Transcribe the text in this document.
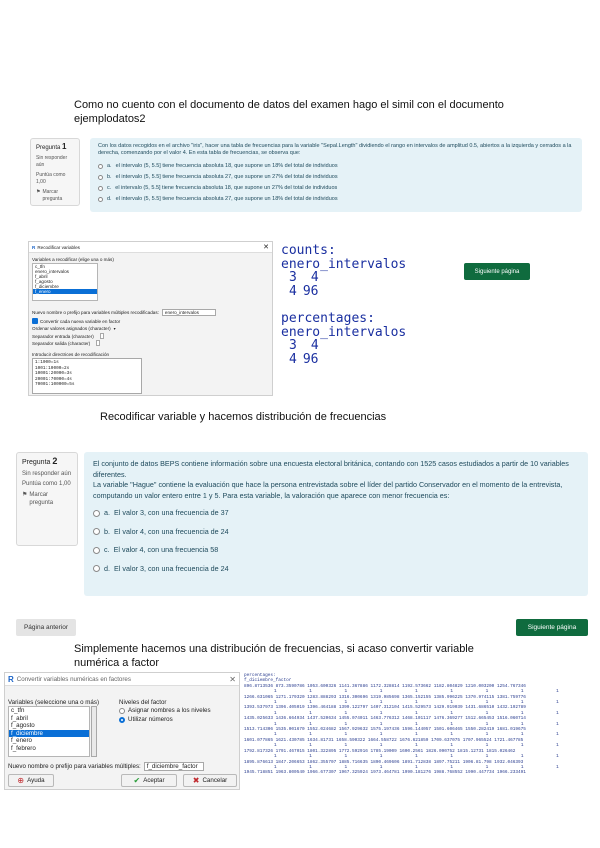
Como no cuento con el documento de datos del examen hago el simil con el documento ejemplodatos2
Pregunta 1
Sin responder aún
Puntúa como 1,00
⚑ Marcar pregunta
Con los datos recogidos en el archivo "iris", hacer una tabla de frecuencias para la variable "Sepal.Length" dividiendo el rango en intervalos de amplitud 0.5, abiertos a la izquierda y cerrados a la derecha, comenzando por el valor 4. En esta tabla de frecuencias, se observa que:
a. el intervalo (5, 5.5] tiene frecuencia absoluta 18, que supone un 18% del total de individuos
b. el intervalo (5, 5.5] tiene frecuencia absoluta 27, que supone un 27% del total de individuos
c. el intervalo (5, 5.5] tiene frecuencia absoluta 18, que supone un 27% del total de individuos
d. el intervalo (5, 5.5] tiene frecuencia absoluta 27, que supone un 18% del total de individuos
R Recodificar variables	✕
Variables a recodificar (elige una o más)
c_tfn
enero_intervalos
f_abril
f_agosto
f_diciembre
f_enero
Nuevo nombre o prefijo para variables múltiples recodificadas:	enero_intervalos
Convertir cada nueva variable en factor
Ordenar valores asignados (character) ▾
Separador entrada (character)
Separador salida (character)
Introducir directrices de recodificación
1:1000=1s
1001:10000=2s
10001:20000=3s
20001:70000=4s
70001:100000=5s
counts:
enero_intervalos
3 4
4 96
percentages:
enero_intervalos
3 4
4 96
Siguiente página
Recodificar variable y hacemos distribución de frecuencias
Pregunta 2
Sin responder aún
Puntúa como 1,00
⚑ Marcar pregunta
El conjunto de datos BEPS contiene información sobre una encuesta electoral británica, contando con 1525 casos estudiados a partir de 10 variables diferentes.
La variable "Hague" contiene la evaluación que hace la persona entrevistada sobre el líder del partido Conservador en el momento de la entrevista, computando un valor entero entre 1 y 5. Para esta variable, la valoración que aparece con menor frecuencia es:
a. El valor 3, con una frecuencia de 37
b. El valor 4, con una frecuencia de 24
c. El valor 4, con una frecuencia 58
d. El valor 3, con una frecuencia de 24
Página anterior	Siguiente página
Simplemente hacemos una distribución de frecuencias, si acaso convertir variable numérica a factor
R Convertir variables numéricas en factores	✕
Variables (seleccione una o más)
c_tfn
f_abril
f_agosto
f_diciembre
f_enero
f_febrero
Niveles del factor
Asignar nombres a los niveles
Utilizar números
Nuevo nombre o prefijo para variables múltiples: f_diciembre_factor
⊕ Ayuda	✔ Aceptar	✖ Cancelar
percentages:
f_diciembre_factor
896.8713536 873.3590786 1053.600326 1141.367886 1172.328814 1192.573662 1182.804829 1210.003200 1254.767346
1 1 1 1 1 1 1 1 1
1266.631065 1271.179320 1283.888293 1316.300696 1319.985698 1365.152155 1385.996225 1370.974115 1381.759776
1 1 1 1 1 1 1 1 1
1393.537973 1396.405019 1396.464188 1399.122797 1407.312104 1415.529573 1429.919039 1431.686510 1432.192789
1 1 1 1 1 1 1 1 1
1435.025633 1436.664934 1437.520634 1455.074011 1463.776312 1468.101117 1476.369277 1512.665453 1516.060714
1 1 1 1 1 1 1 1 1
1513.714306 1535.001670 1552.024682 1567.929632 1575.197436 1596.144057 1501.606465 1550.282419 1681.019675
1 1 1 1 1 1 1 1 1
1601.077865 1621.430785 1634.81731 1658.590322 1664.558722 1676.621859 1709.637075 1707.965524 1721.467785
1 1 1 1 1 1 1 1 1
1792.817326 1791.467015 1801.322895 1772.592916 1785.19009 1600.2561 1826.090752 1815.12731 1815.026462
1 1 1 1 1 1 1 1 1
1895.876613 1847.206653 1862.355707 1885.716635 1890.469606 1891.712838 1897.75211 1906.81.798 1932.046393
1 1 1 1 1 1 1 1 1
1945.718851 1963.800540 1966.677307 1967.325924 1973.464781 1990.181276 1988.768552 1990.447734 1966.233491
